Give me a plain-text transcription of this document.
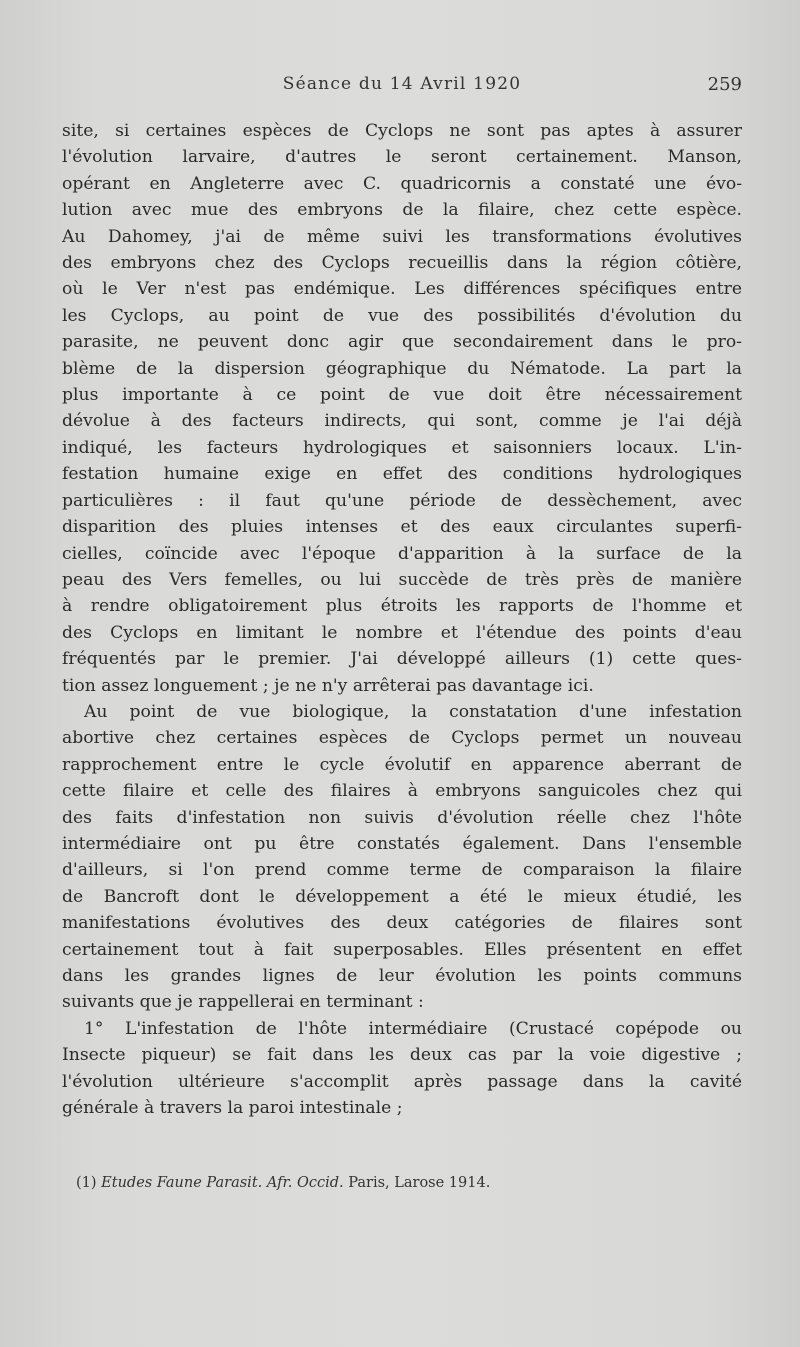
Séance du 14 Avril 1920	259

site, si certaines espèces de Cyclops ne sont pas aptes à assurer
l'évolution larvaire, d'autres le seront certainement. Manson,
opérant en Angleterre avec C. quadricornis a constaté une évo-
lution avec mue des embryons de la filaire, chez cette espèce.
Au Dahomey, j'ai de même suivi les transformations évolutives
des embryons chez des Cyclops recueillis dans la région côtière,
où le Ver n'est pas endémique. Les différences spécifiques entre
les Cyclops, au point de vue des possibilités d'évolution du
parasite, ne peuvent donc agir que secondairement dans le pro-
blème de la dispersion géographique du Nématode. La part la
plus importante à ce point de vue doit être nécessairement
dévolue à des facteurs indirects, qui sont, comme je l'ai déjà
indiqué, les facteurs hydrologiques et saisonniers locaux. L'in-
festation humaine exige en effet des conditions hydrologiques
particulières : il faut qu'une période de dessèchement, avec
disparition des pluies intenses et des eaux circulantes superfi-
cielles, coïncide avec l'époque d'apparition à la surface de la
peau des Vers femelles, ou lui succède de très près de manière
à rendre obligatoirement plus étroits les rapports de l'homme et
des Cyclops en limitant le nombre et l'étendue des points d'eau
fréquentés par le premier. J'ai développé ailleurs (1) cette ques-
tion assez longuement ; je ne n'y arrêterai pas davantage ici.

Au point de vue biologique, la constatation d'une infestation
abortive chez certaines espèces de Cyclops permet un nouveau
rapprochement entre le cycle évolutif en apparence aberrant de
cette filaire et celle des filaires à embryons sanguicoles chez qui
des faits d'infestation non suivis d'évolution réelle chez l'hôte
intermédiaire ont pu être constatés également. Dans l'ensemble
d'ailleurs, si l'on prend comme terme de comparaison la filaire
de Bancroft dont le développement a été le mieux étudié, les
manifestations évolutives des deux catégories de filaires sont
certainement tout à fait superposables. Elles présentent en effet
dans les grandes lignes de leur évolution les points communs
suivants que je rappellerai en terminant :

1° L'infestation de l'hôte intermédiaire (Crustacé copépode ou
Insecte piqueur) se fait dans les deux cas par la voie digestive ;
l'évolution ultérieure s'accomplit après passage dans la cavité
générale à travers la paroi intestinale ;

(1) Etudes Faune Parasit. Afr. Occid. Paris, Larose 1914.
